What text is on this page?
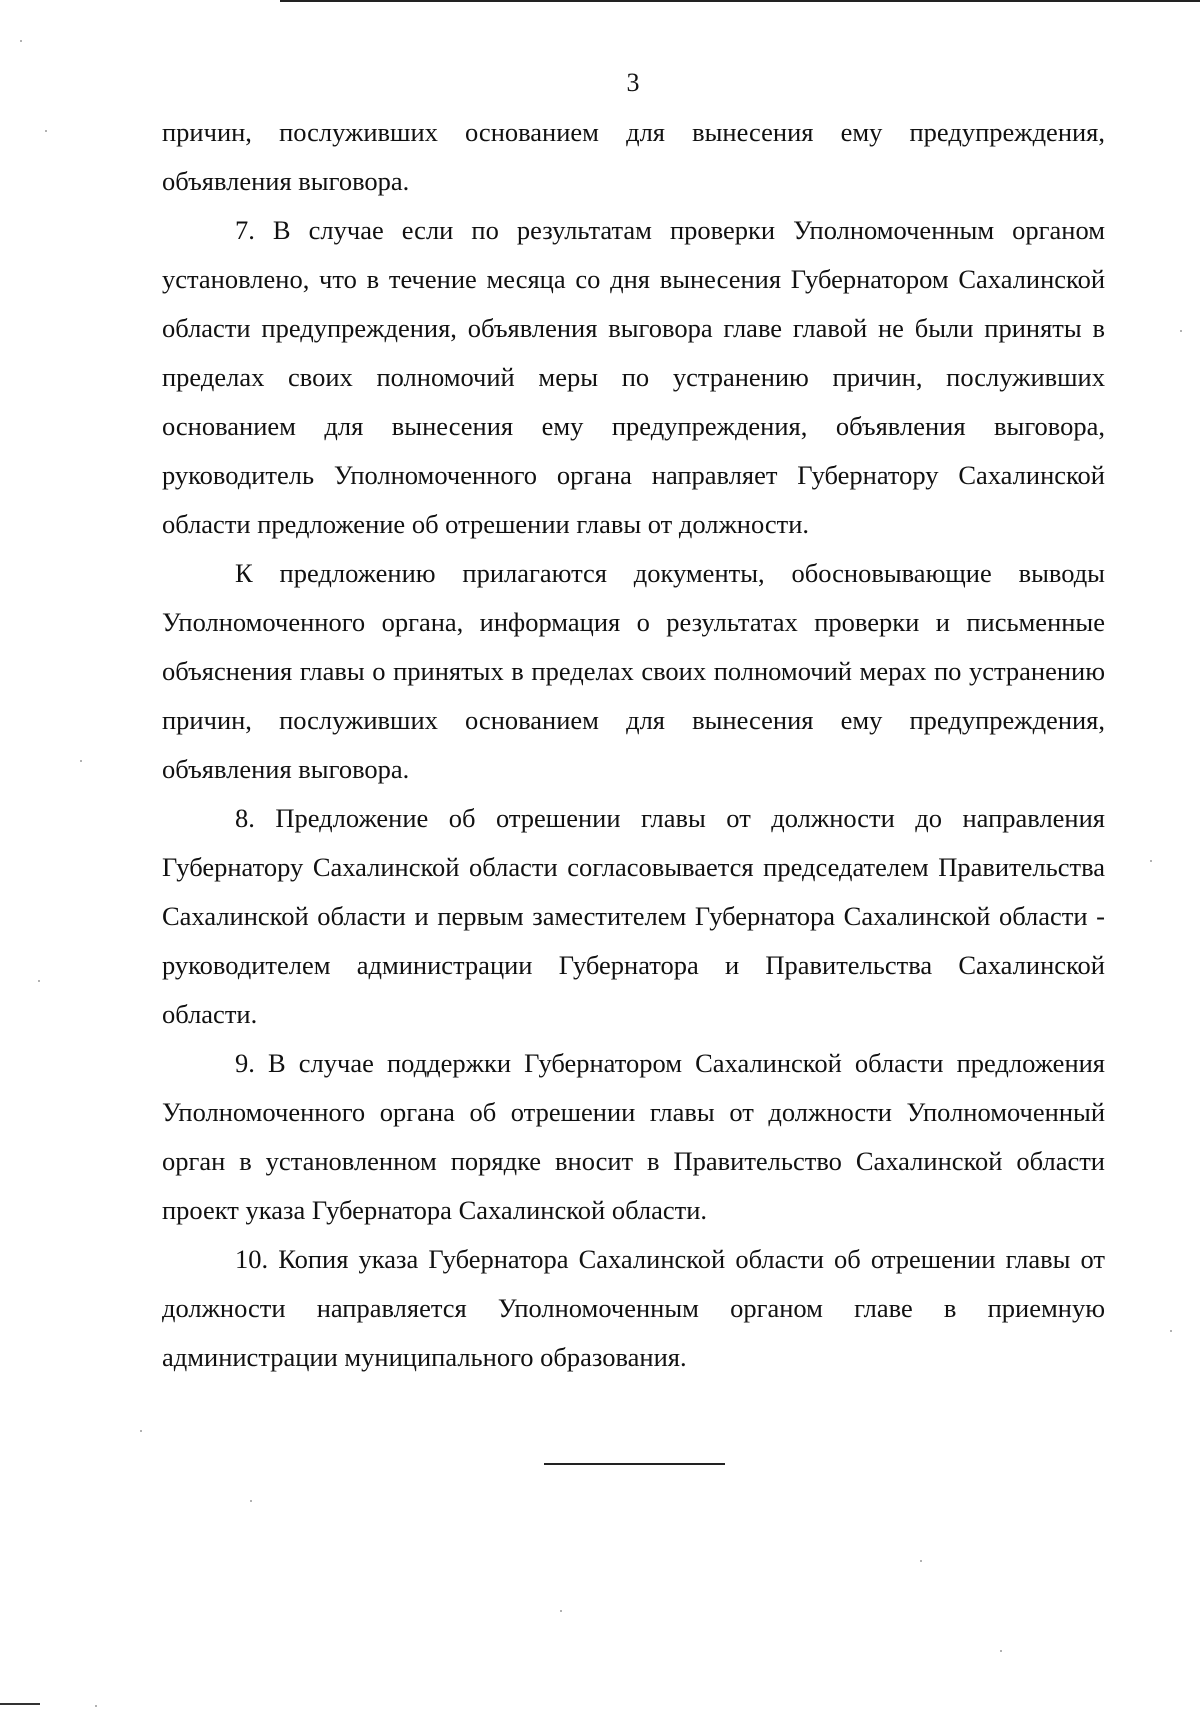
3

причин, послуживших основанием для вынесения ему предупреждения, объявления выговора.

7. В случае если по результатам проверки Уполномоченным органом установлено, что в течение месяца со дня вынесения Губернатором Сахалинской области предупреждения, объявления выговора главе главой не были приняты в пределах своих полномочий меры по устранению причин, послуживших основанием для вынесения ему предупреждения, объявления выговора, руководитель Уполномоченного органа направляет Губернатору Сахалинской области предложение об отрешении главы от должности.

К предложению прилагаются документы, обосновывающие выводы Уполномоченного органа, информация о результатах проверки и письменные объяснения главы о принятых в пределах своих полномочий мерах по устранению причин, послуживших основанием для вынесения ему предупреждения, объявления выговора.

8. Предложение об отрешении главы от должности до направления Губернатору Сахалинской области согласовывается председателем Правительства Сахалинской области и первым заместителем Губернатора Сахалинской области - руководителем администрации Губернатора и Правительства Сахалинской области.

9. В случае поддержки Губернатором Сахалинской области предложения Уполномоченного органа об отрешении главы от должности Уполномоченный орган в установленном порядке вносит в Правительство Сахалинской области проект указа Губернатора Сахалинской области.

10. Копия указа Губернатора Сахалинской области об отрешении главы от должности направляется Уполномоченным органом главе в приемную администрации муниципального образования.
